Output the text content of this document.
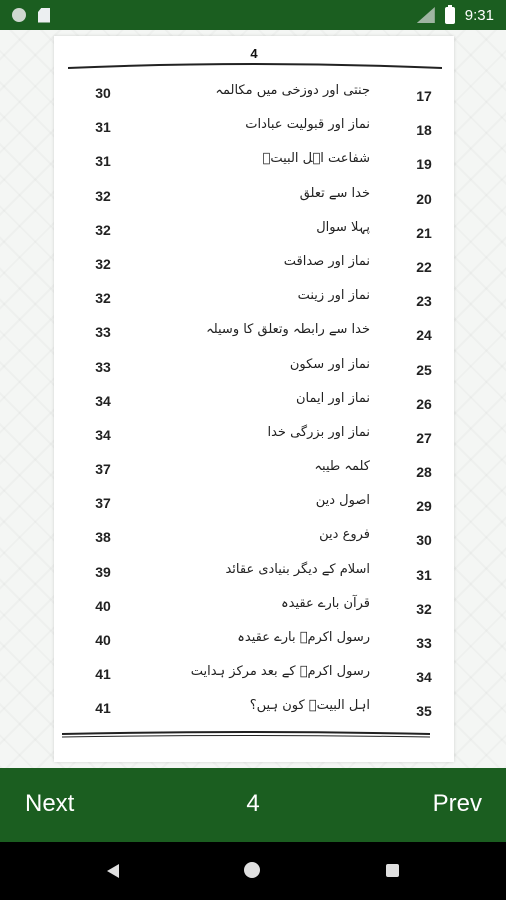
9:31
4
30	جنتی اور دوزخی میں مکالمہ	17
31	نماز اور قبولیت عبادات	18
31	شفاعت اہل البیتؑ	19
32	خدا سے تعلق	20
32	پہلا سوال	21
32	نماز اور صداقت	22
32	نماز اور زینت	23
33	خدا سے رابطہ وتعلق کا وسیلہ	24
33	نماز اور سکون	25
34	نماز اور ایمان	26
34	نماز اور بزرگی خدا	27
37	کلمہ طیبہ	28
37	اصول دین	29
38	فروع دین	30
39	اسلام کے دیگر بنیادی عقائد	31
40	قرآن بارے عقیدہ	32
40	رسول اکرمؐ بارے عقیدہ	33
41	رسول اکرمؐ کے بعد مرکز ہدایت	34
41	اہل البیتؑ کون ہیں؟	35
Next	4	Prev
